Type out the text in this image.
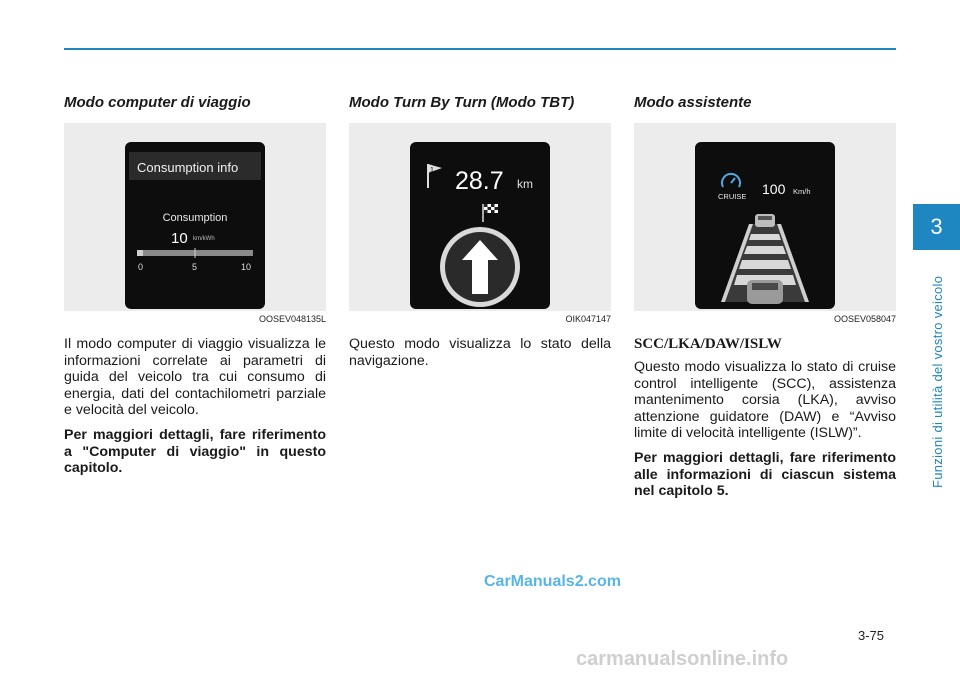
Modo computer di viaggio
Consumption info
Consumption
10 km/kWh
0	5	10
OOSEV048135L

Il modo computer di viaggio visualizza le informazioni correlate ai parametri di guida del veicolo tra cui consumo di energia, dati del contachilometri parziale e velocità del veicolo.

Per maggiori dettagli, fare riferimento a "Computer di viaggio" in questo capitolo.

Modo Turn By Turn (Modo TBT)
1 28.7 km
OIK047147

Questo modo visualizza lo stato della navigazione.

Modo assistente
CRUISE 100 Km/h
OOSEV058047
SCC/LKA/DAW/ISLW

Questo modo visualizza lo stato di cruise control intelligente (SCC), assistenza mantenimento corsia (LKA), avviso attenzione guidatore (DAW) e “Avviso limite di velocità intelligente (ISLW)”.

Per maggiori dettagli, fare riferimento alle informazioni di ciascun sistema nel capitolo 5.

3
Funzioni di utilità del vostro veicolo
3-75
CarManuals2.com
carmanualsonline.info
